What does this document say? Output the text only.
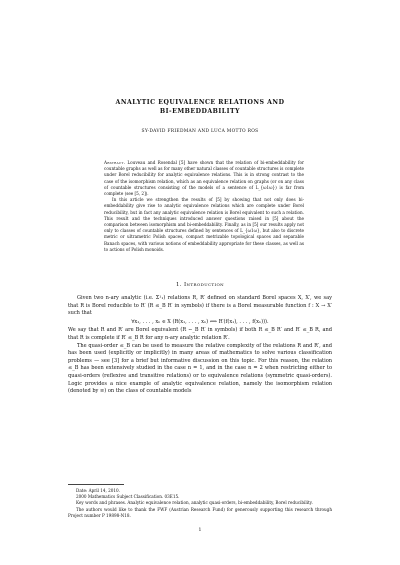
ANALYTIC EQUIVALENCE RELATIONS AND
BI-EMBEDDABILITY
SY-DAVID FRIEDMAN AND LUCA MOTTO ROS

Abstract. Louveau and Rosendal [5] have shown that the relation of bi-embeddability for countable graphs as well as for many other natural classes of countable structures is complete under Borel reducibility for analytic equivalence relations. This is in strong contrast to the case of the isomorphism relation, which as an equivalence relation on graphs (or on any class of countable structures consisting of the models of a sentence of L_{ω1ω}) is far from complete (see [5, 2]).

In this article we strengthen the results of [5] by showing that not only does bi-embeddability give rise to analytic equivalence relations which are complete under Borel reducibility, but in fact any analytic equivalence relation is Borel equivalent to such a relation. This result and the techniques introduced answer questions raised in [5] about the comparison between isomorphism and bi-embeddability. Finally, as in [5] our results apply not only to classes of countable structures defined by sentences of L_{ω1ω}, but also to discrete metric or ultrametric Polish spaces, compact metrizable topological spaces and separable Banach spaces, with various notions of embeddability appropriate for these classes, as well as to actions of Polish monoids.

1. Introduction

Given two n-ary analytic (i.e. Σ¹₁) relations R, R′ defined on standard Borel spaces X, X′, we say that R is Borel reducible to R′ (R ≤_B R′ in symbols) if there is a Borel measurable function f : X → X′ such that

∀x₁, . . . , xₙ ∈ X (R(x₁, . . . , xₙ) ⟺ R′(f(x₁), . . . , f(xₙ))).

We say that R and R′ are Borel equivalent (R ∼_B R′ in symbols) if both R ≤_B R′ and R′ ≤_B R, and that R is complete if R′ ≤_B R for any n-ary analytic relation R′.

The quasi-order ≤_B can be used to measure the relative complexity of the relations R and R′, and has been used (explicitly or implicitly) in many areas of mathematics to solve various classification problems — see [3] for a brief but informative discussion on this topic. For this reason, the relation ≤_B has been extensively studied in the case n = 1, and in the case n = 2 when restricting either to quasi-orders (reflexive and transitive relations) or to equivalence relations (symmetric quasi-orders). Logic provides a nice example of analytic equivalence relation, namely the isomorphism relation (denoted by ≅) on the class of countable models

Date: April 14, 2010.

2000 Mathematics Subject Classification. 03E15.

Key words and phrases. Analytic equivalence relation, analytic quasi-orders, bi-embeddability, Borel reducibility.

The authors would like to thank the FWF (Austrian Research Fund) for generously supporting this research through Project number P 19898-N18.

1
